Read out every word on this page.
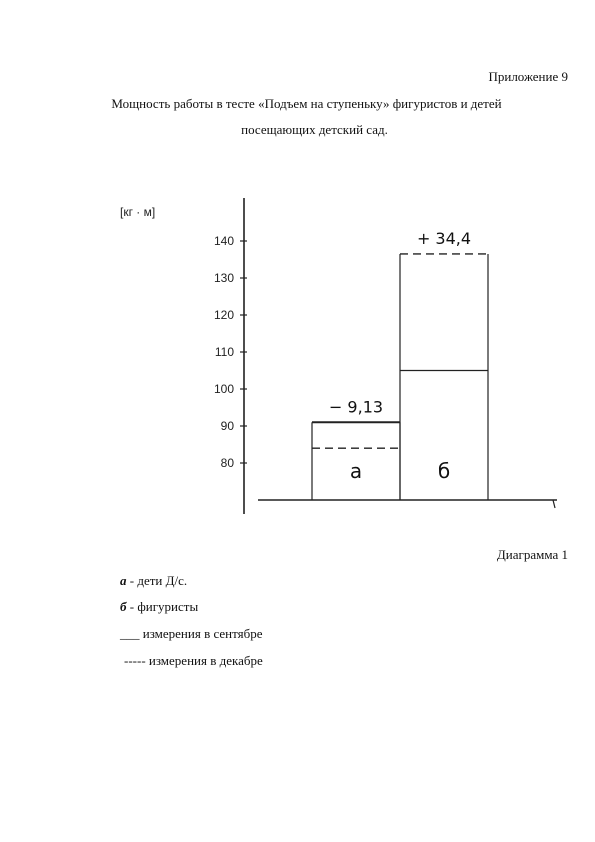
Приложение 9
Мощность работы в тесте «Подъем на ступеньку» фигуристов и детей
посещающих детский сад.
[кг · м]
80
90
100
110
120
130
140
а
− 9,13
б
+ 34,4
Диаграмма 1
а - дети Д/с.
б - фигуристы
___ измерения в сентябре
----- измерения в декабре
